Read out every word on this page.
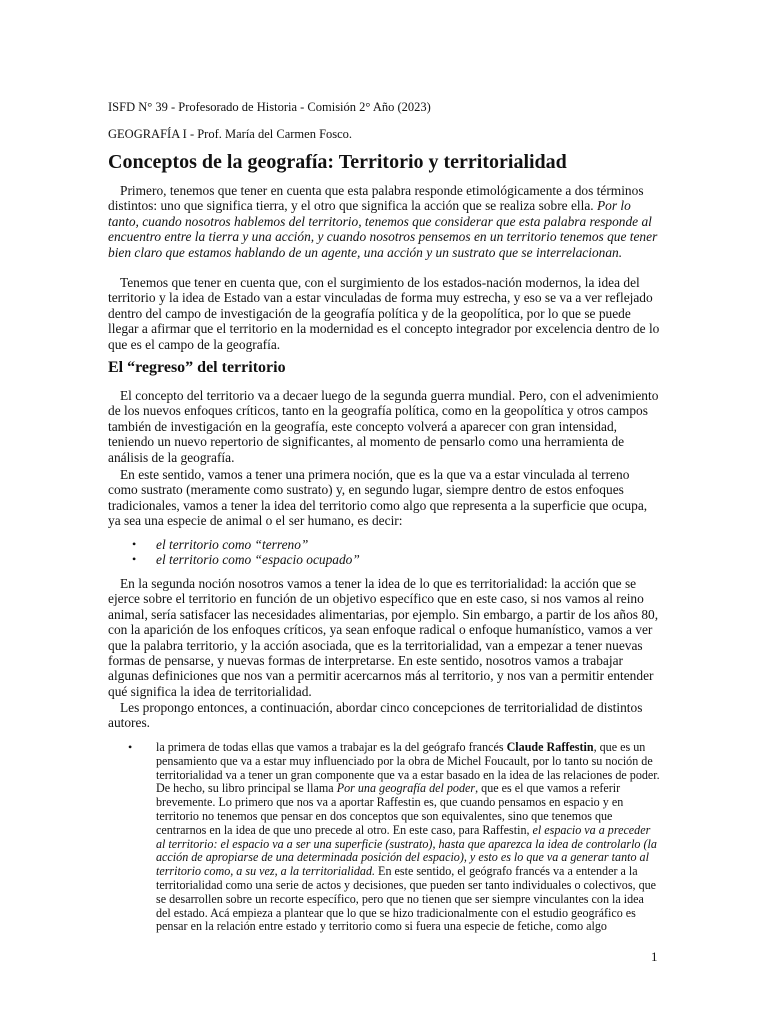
ISFD N° 39 - Profesorado de Historia - Comisión 2° Año (2023)
GEOGRAFÍA I - Prof. María del Carmen Fosco.
Conceptos de la geografía: Territorio y territorialidad

Primero, tenemos que tener en cuenta que esta palabra responde etimológicamente a dos términos distintos: uno que significa tierra, y el otro que significa la acción que se realiza sobre ella. Por lo tanto, cuando nosotros hablemos del territorio, tenemos que considerar que esta palabra responde al encuentro entre la tierra y una acción, y cuando nosotros pensemos en un territorio tenemos que tener bien claro que estamos hablando de un agente, una acción y un sustrato que se interrelacionan.

Tenemos que tener en cuenta que, con el surgimiento de los estados-nación modernos, la idea del territorio y la idea de Estado van a estar vinculadas de forma muy estrecha, y eso se va a ver reflejado dentro del campo de investigación de la geografía política y de la geopolítica, por lo que se puede llegar a afirmar que el territorio en la modernidad es el concepto integrador por excelencia dentro de lo que es el campo de la geografía.

El “regreso” del territorio

El concepto del territorio va a decaer luego de la segunda guerra mundial. Pero, con el advenimiento de los nuevos enfoques críticos, tanto en la geografía política, como en la geopolítica y otros campos también de investigación en la geografía, este concepto volverá a aparecer con gran intensidad, teniendo un nuevo repertorio de significantes, al momento de pensarlo como una herramienta de análisis de la geografía.

En este sentido, vamos a tener una primera noción, que es la que va a estar vinculada al terreno como sustrato (meramente como sustrato) y, en segundo lugar, siempre dentro de estos enfoques tradicionales, vamos a tener la idea del territorio como algo que representa a la superficie que ocupa, ya sea una especie de animal o el ser humano, es decir:

• el territorio como “terreno”
• el territorio como “espacio ocupado”

En la segunda noción nosotros vamos a tener la idea de lo que es territorialidad: la acción que se ejerce sobre el territorio en función de un objetivo específico que en este caso, si nos vamos al reino animal, sería satisfacer las necesidades alimentarias, por ejemplo. Sin embargo, a partir de los años 80, con la aparición de los enfoques críticos, ya sean enfoque radical o enfoque humanístico, vamos a ver que la palabra territorio, y la acción asociada, que es la territorialidad, van a empezar a tener nuevas formas de pensarse, y nuevas formas de interpretarse. En este sentido, nosotros vamos a trabajar algunas definiciones que nos van a permitir acercarnos más al territorio, y nos van a permitir entender qué significa la idea de territorialidad.

Les propongo entonces, a continuación, abordar cinco concepciones de territorialidad de distintos autores.

• la primera de todas ellas que vamos a trabajar es la del geógrafo francés Claude Raffestin, que es un pensamiento que va a estar muy influenciado por la obra de Michel Foucault, por lo tanto su noción de territorialidad va a tener un gran componente que va a estar basado en la idea de las relaciones de poder. De hecho, su libro principal se llama Por una geografía del poder, que es el que vamos a referir brevemente. Lo primero que nos va a aportar Raffestin es, que cuando pensamos en espacio y en territorio no tenemos que pensar en dos conceptos que son equivalentes, sino que tenemos que centrarnos en la idea de que uno precede al otro. En este caso, para Raffestin, el espacio va a preceder al territorio: el espacio va a ser una superficie (sustrato), hasta que aparezca la idea de controlarlo (la acción de apropiarse de una determinada posición del espacio), y esto es lo que va a generar tanto al territorio como, a su vez, a la territorialidad. En este sentido, el geógrafo francés va a entender a la territorialidad como una serie de actos y decisiones, que pueden ser tanto individuales o colectivos, que se desarrollen sobre un recorte específico, pero que no tienen que ser siempre vinculantes con la idea del estado. Acá empieza a plantear que lo que se hizo tradicionalmente con el estudio geográfico es pensar en la relación entre estado y territorio como si fuera una especie de fetiche, como algo

1
